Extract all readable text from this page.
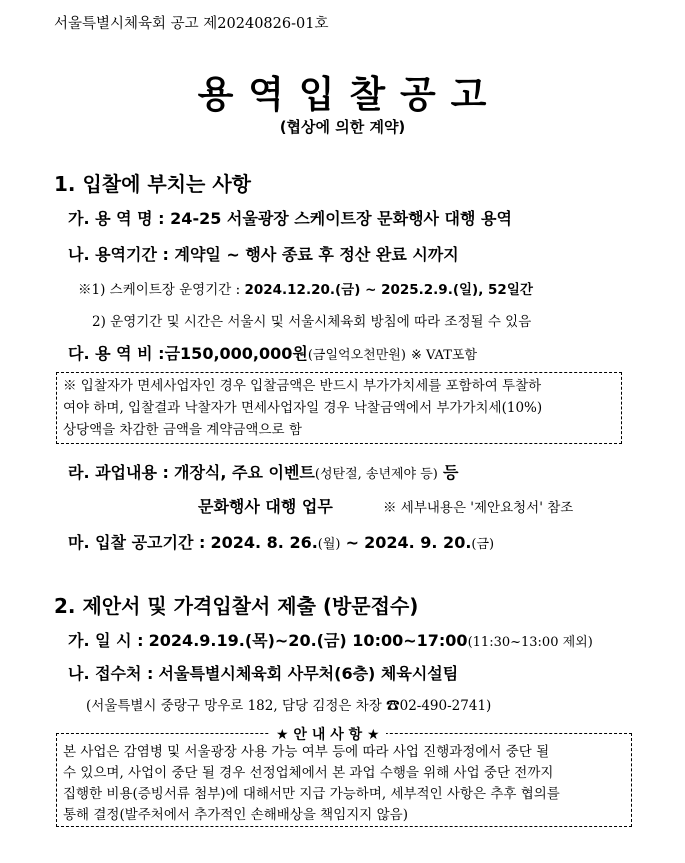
서울특별시체육회 공고 제20240826-01호
용 역 입 찰 공 고
(협상에 의한 계약)
1. 입찰에 부치는 사항
가. 용 역 명 : 24-25 서울광장 스케이트장 문화행사 대행 용역
나. 용역기간 : 계약일 ~ 행사 종료 후 정산 완료 시까지
※1) 스케이트장 운영기간 : 2024.12.20.(금) ~ 2025.2.9.(일), 52일간
2) 운영기간 및 시간은 서울시 및 서울시체육회 방침에 따라 조정될 수 있음
다. 용 역 비 :금150,000,000원(금일억오천만원) ※ VAT포함
※ 입찰자가 면세사업자인 경우 입찰금액은 반드시 부가가치세를 포함하여 투찰하
여야 하며, 입찰결과 낙찰자가 면세사업자일 경우 낙찰금액에서 부가가치세(10%)
상당액을 차감한 금액을 계약금액으로 함
라. 과업내용 : 개장식, 주요 이벤트(성탄절, 송년제야 등) 등
문화행사 대행 업무	※ 세부내용은 '제안요청서' 참조
마. 입찰 공고기간 : 2024. 8. 26.(월) ~ 2024. 9. 20.(금)
2. 제안서 및 가격입찰서 제출 (방문접수)
가. 일 시 : 2024.9.19.(목)~20.(금) 10:00~17:00(11:30~13:00 제외)
나. 접수처 : 서울특별시체육회 사무처(6층) 체육시설팀
(서울특별시 중랑구 망우로 182, 담당 김정은 차장 ☎02-490-2741)
본 사업은 감염병 및 서울광장 사용 가능 여부 등에 따라 사업 진행과정에서 중단 될
수 있으며, 사업이 중단 될 경우 선정업체에서 본 과업 수행을 위해 사업 중단 전까지
집행한 비용(증빙서류 첨부)에 대해서만 지급 가능하며, 세부적인 사항은 추후 협의를
통해 결정(발주처에서 추가적인 손해배상을 책임지지 않음)
★ 안 내 사 항 ★
